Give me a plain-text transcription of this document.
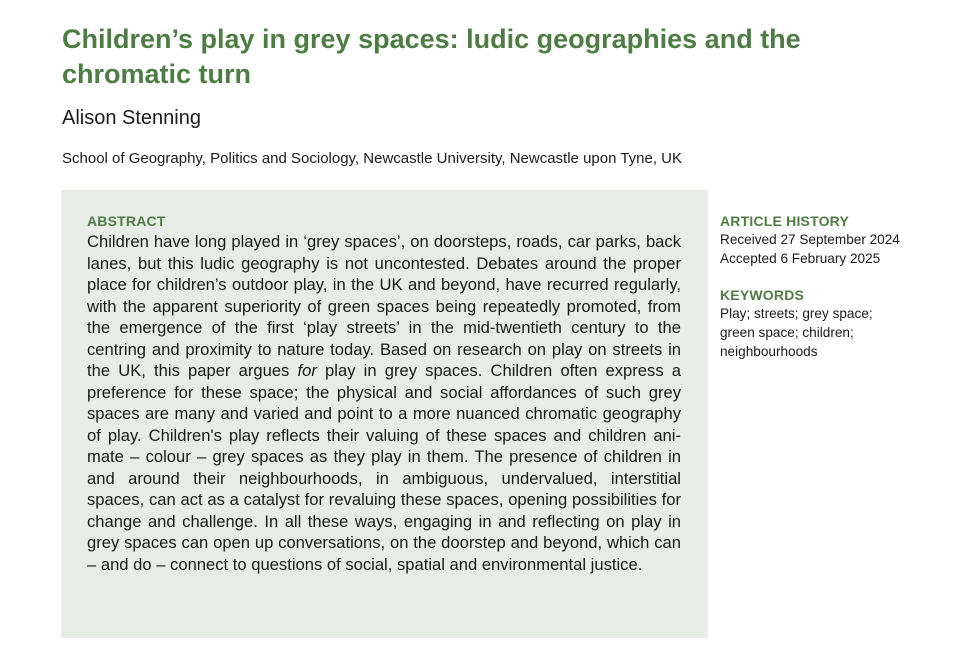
Children’s play in grey spaces: ludic geographies and the chromatic turn
Alison Stenning
School of Geography, Politics and Sociology, Newcastle University, Newcastle upon Tyne, UK
ABSTRACT

Children have long played in ‘grey spaces’, on doorsteps, roads, car parks, back lanes, but this ludic geography is not uncontested. Debates around the proper place for children’s outdoor play, in the UK and beyond, have recurred regularly, with the apparent superiority of green spaces being repeatedly promoted, from the emergence of the first ‘play streets’ in the mid-twentieth century to the centring and proximity to nature today. Based on research on play on streets in the UK, this paper argues for play in grey spaces. Children often express a preference for these space; the physical and social affordances of such grey spaces are many and varied and point to a more nuanced chromatic geography of play. Children's play reflects their valuing of these spaces and children animate – colour – grey spaces as they play in them. The presence of children in and around their neighbourhoods, in ambiguous, undervalued, interstitial spaces, can act as a catalyst for revaluing these spaces, opening possibilities for change and challenge. In all these ways, engaging in and reflecting on play in grey spaces can open up conversations, on the doorstep and beyond, which can – and do – connect to questions of social, spatial and environmental justice.

ARTICLE HISTORY
Received 27 September 2024
Accepted 6 February 2025
KEYWORDS
Play; streets; grey space;
green space; children;
neighbourhoods
